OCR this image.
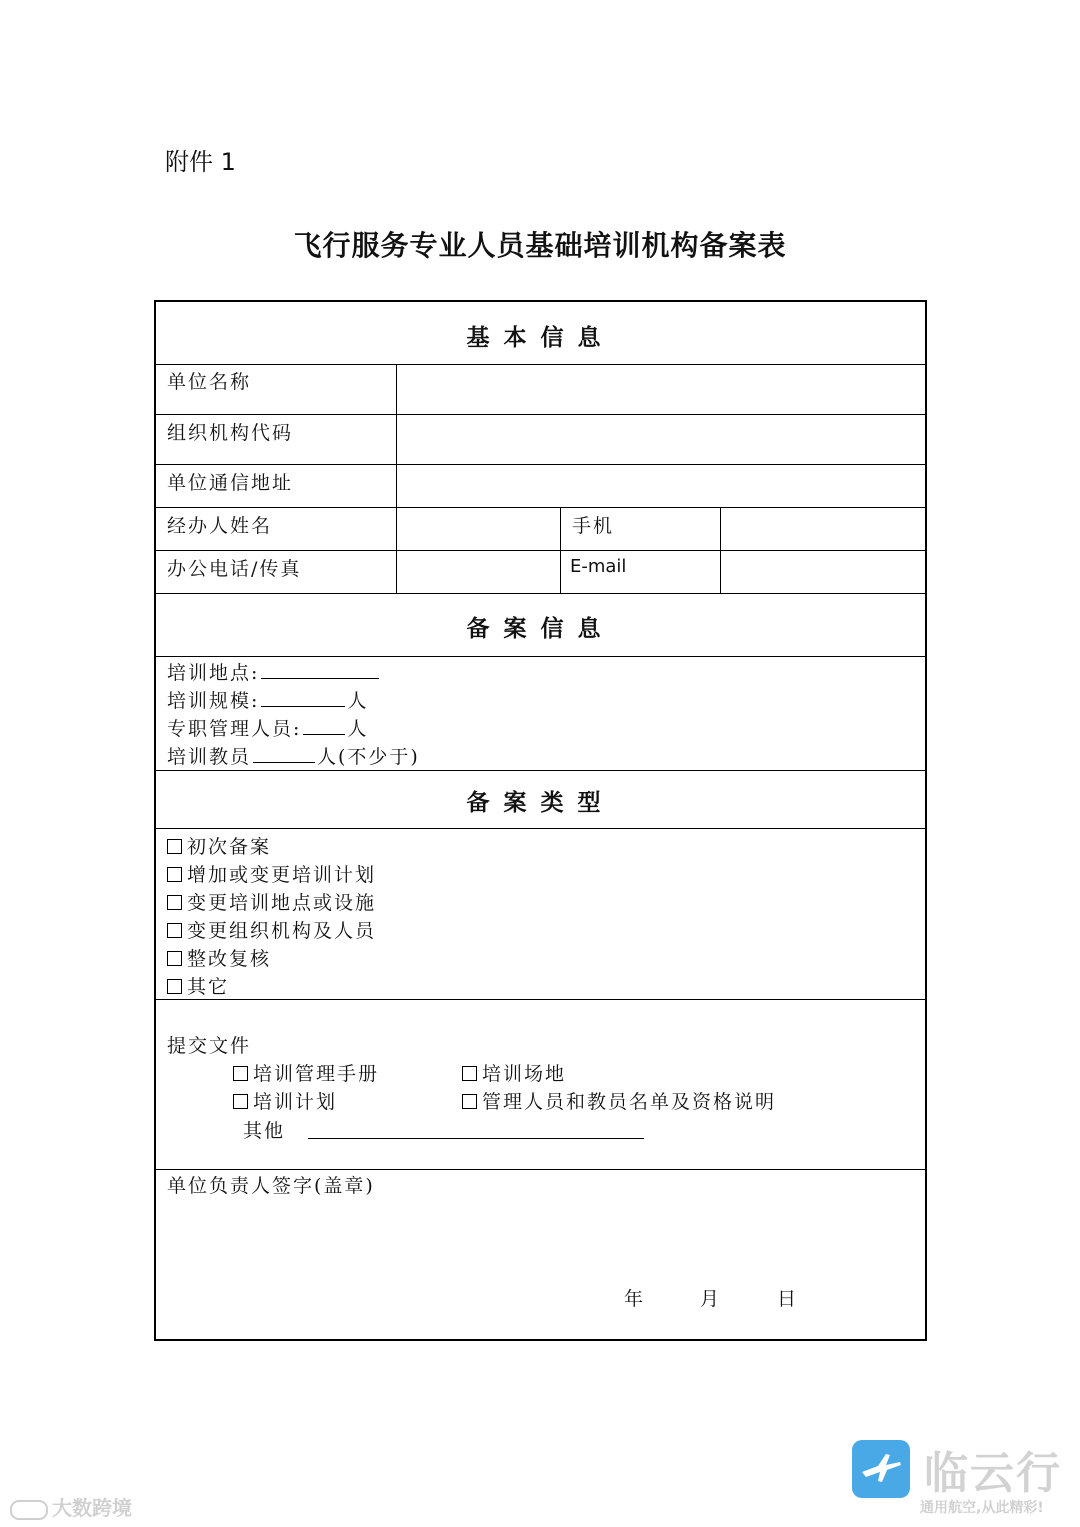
附件 1
飞行服务专业人员基础培训机构备案表
基本信息
单位名称
组织机构代码
单位通信地址
经办人姓名	手机
办公电话/传真	E-mail
备案信息
培训地点:
培训规模:	人
专职管理人员: 人
培训教员	人(不少于)
备案类型
初次备案
增加或变更培训计划
变更培训地点或设施
变更组织机构及人员
整改复核
其它
提交文件
培训管理手册	培训场地
培训计划	管理人员和教员名单及资格说明
其他
单位负责人签字(盖章)
年	月	日
大数跨境
临云行
通用航空,从此精彩!
